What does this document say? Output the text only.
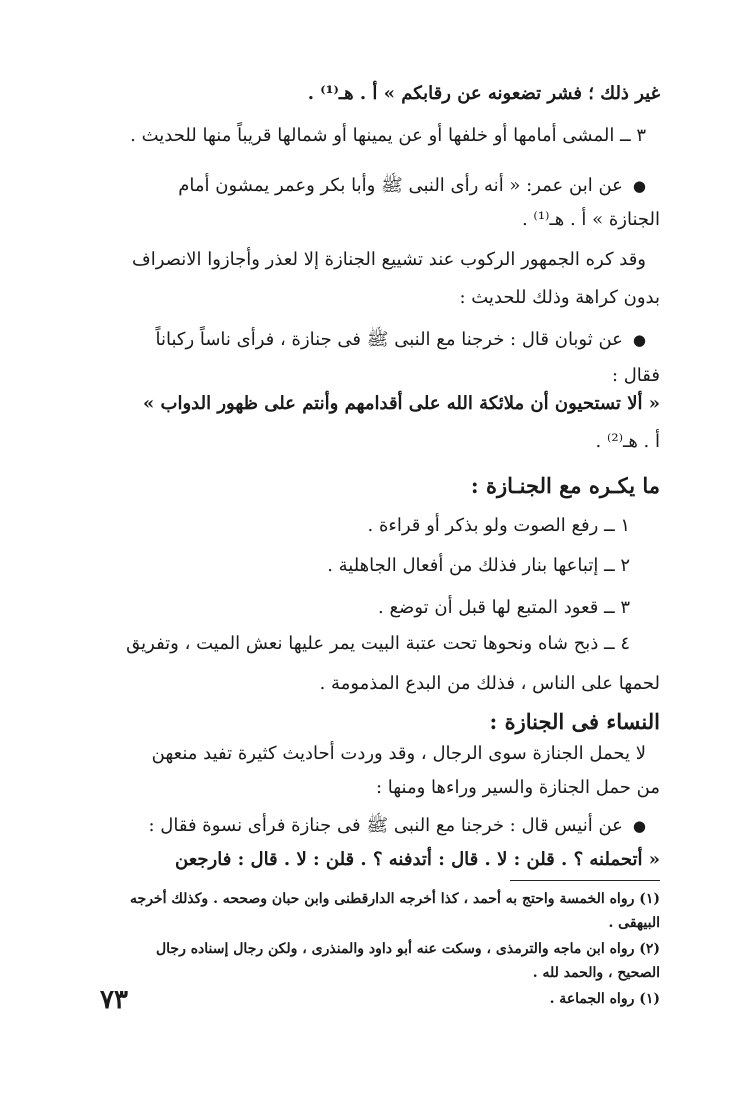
غير ذلك ؛ فشر تضعونه عن رقابكم » أ . هـ⁽¹⁾ .
٣ ــ المشى أمامها أو خلفها أو عن يمينها أو شمالها قريباً منها للحديث .
● عن ابن عمر: « أنه رأى النبى ﷺ وأبا بكر وعمر يمشون أمام
الجنازة » أ . هـ⁽¹⁾ .
وقد كره الجمهور الركوب عند تشييع الجنازة إلا لعذر وأجازوا الانصراف
بدون كراهة وذلك للحديث :
● عن ثوبان قال : خرجنا مع النبى ﷺ فى جنازة ، فرأى ناساً ركباناً
فقال :
« ألا تستحيون أن ملائكة الله على أقدامهم وأنتم على ظهور الدواب »
أ . هـ⁽²⁾ .
ما يكـره مع الجنـازة :
١ ــ رفع الصوت ولو بذكر أو قراءة .
٢ ــ إتباعها بنار فذلك من أفعال الجاهلية .
٣ ــ قعود المتبع لها قبل أن توضع .
٤ ــ ذبح شاه ونحوها تحت عتبة البيت يمر عليها نعش الميت ، وتفريق
لحمها على الناس ، فذلك من البدع المذمومة .
النساء فى الجنازة :
لا يحمل الجنازة سوى الرجال ، وقد وردت أحاديث كثيرة تفيد منعهن
من حمل الجنازة والسير وراءها ومنها :
● عن أنيس قال : خرجنا مع النبى ﷺ فى جنازة فرأى نسوة فقال :
« أتحملنه ؟ . قلن : لا . قال : أتدفنه ؟ . قلن : لا . قال : فارجعن
(١) رواه الخمسة واحتج به أحمد ، كذا أخرجه الدارقطنى وابن حبان وصححه . وكذلك أخرجه
البيهقى .
(٢) رواه ابن ماجه والترمذى ، وسكت عنه أبو داود والمنذرى ، ولكن رجال إسناده رجال
الصحيح ، والحمد لله .
(١) رواه الجماعة .
٧٣
